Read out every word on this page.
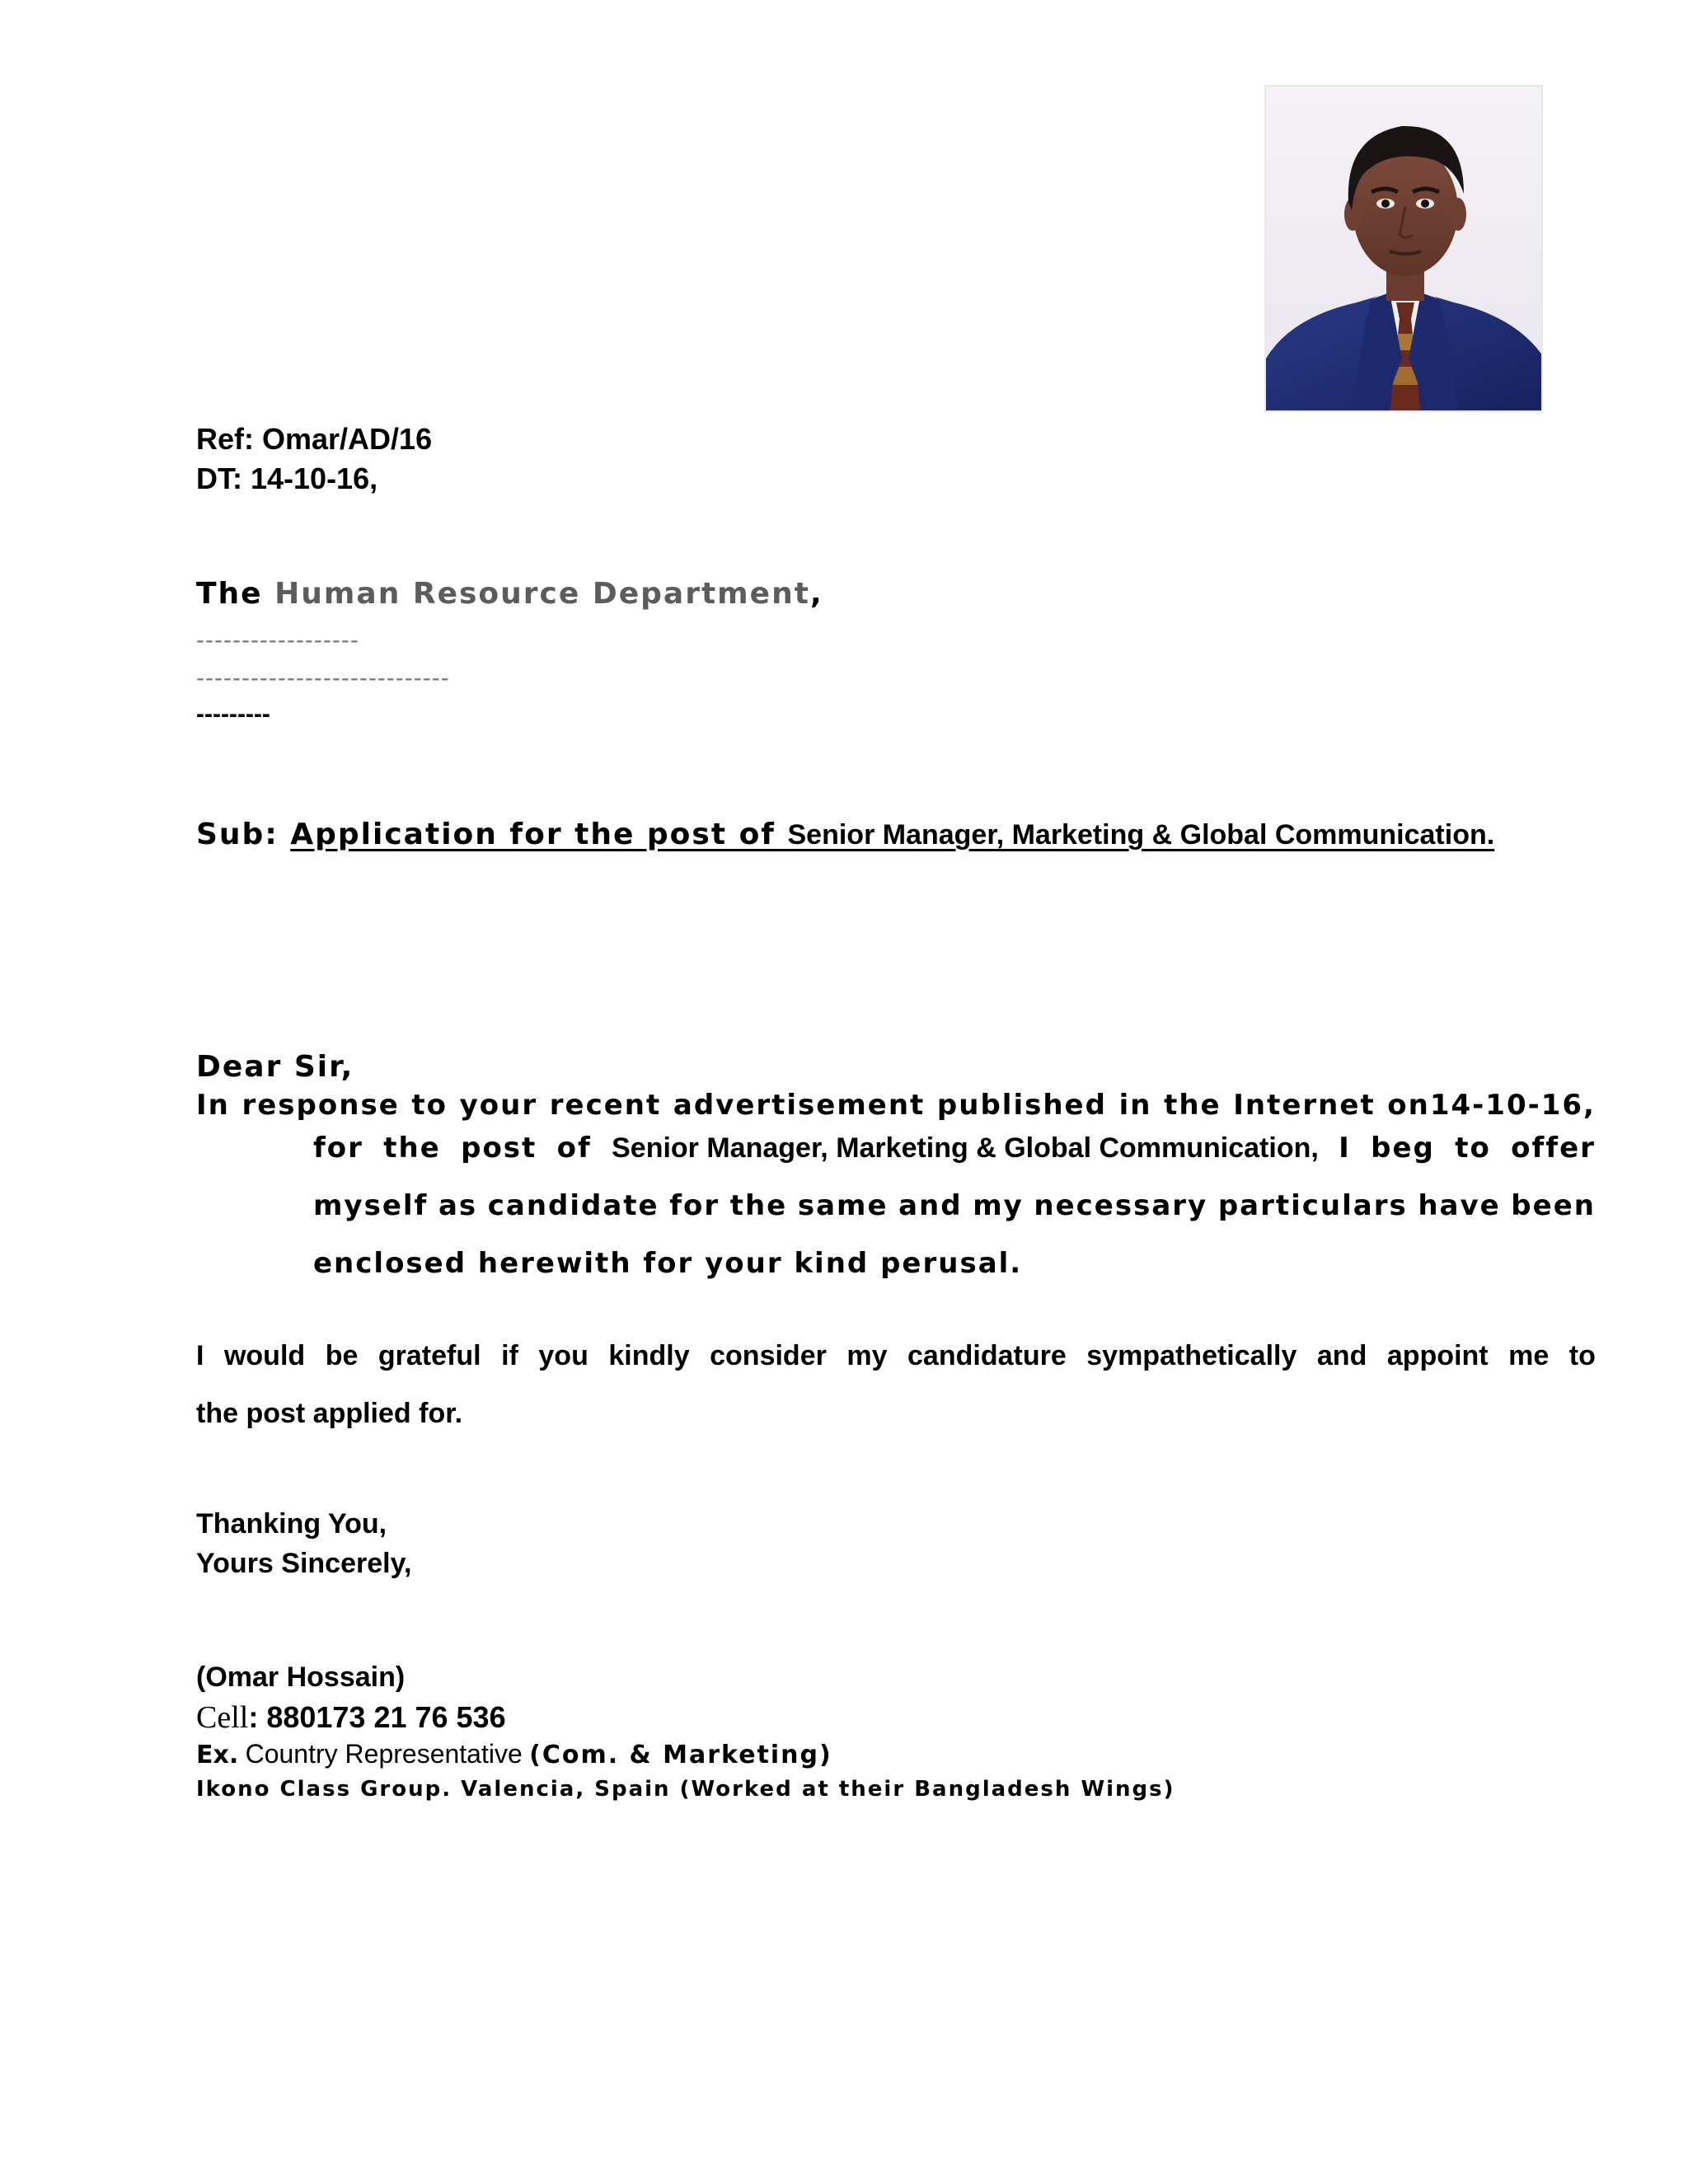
Ref: Omar/AD/16
DT: 14-10-16,
The Human Resource Department,
------------------
----------------------------
---------
Sub: Application for the post of Senior Manager, Marketing & Global Communication.
Dear Sir,
In response to your recent advertisement published in the Internet on14-10-16,
for the post of Senior Manager, Marketing & Global Communication, I beg to offer
myself as candidate for the same and my necessary particulars have been
enclosed herewith for your kind perusal.
I would be grateful if you kindly consider my candidature sympathetically and appoint me to
the post applied for.
Thanking You,
Yours Sincerely,
(Omar Hossain)
Cell: 880173 21 76 536
Ex. Country Representative (Com. & Marketing)
Ikono Class Group. Valencia, Spain (Worked at their Bangladesh Wings)
